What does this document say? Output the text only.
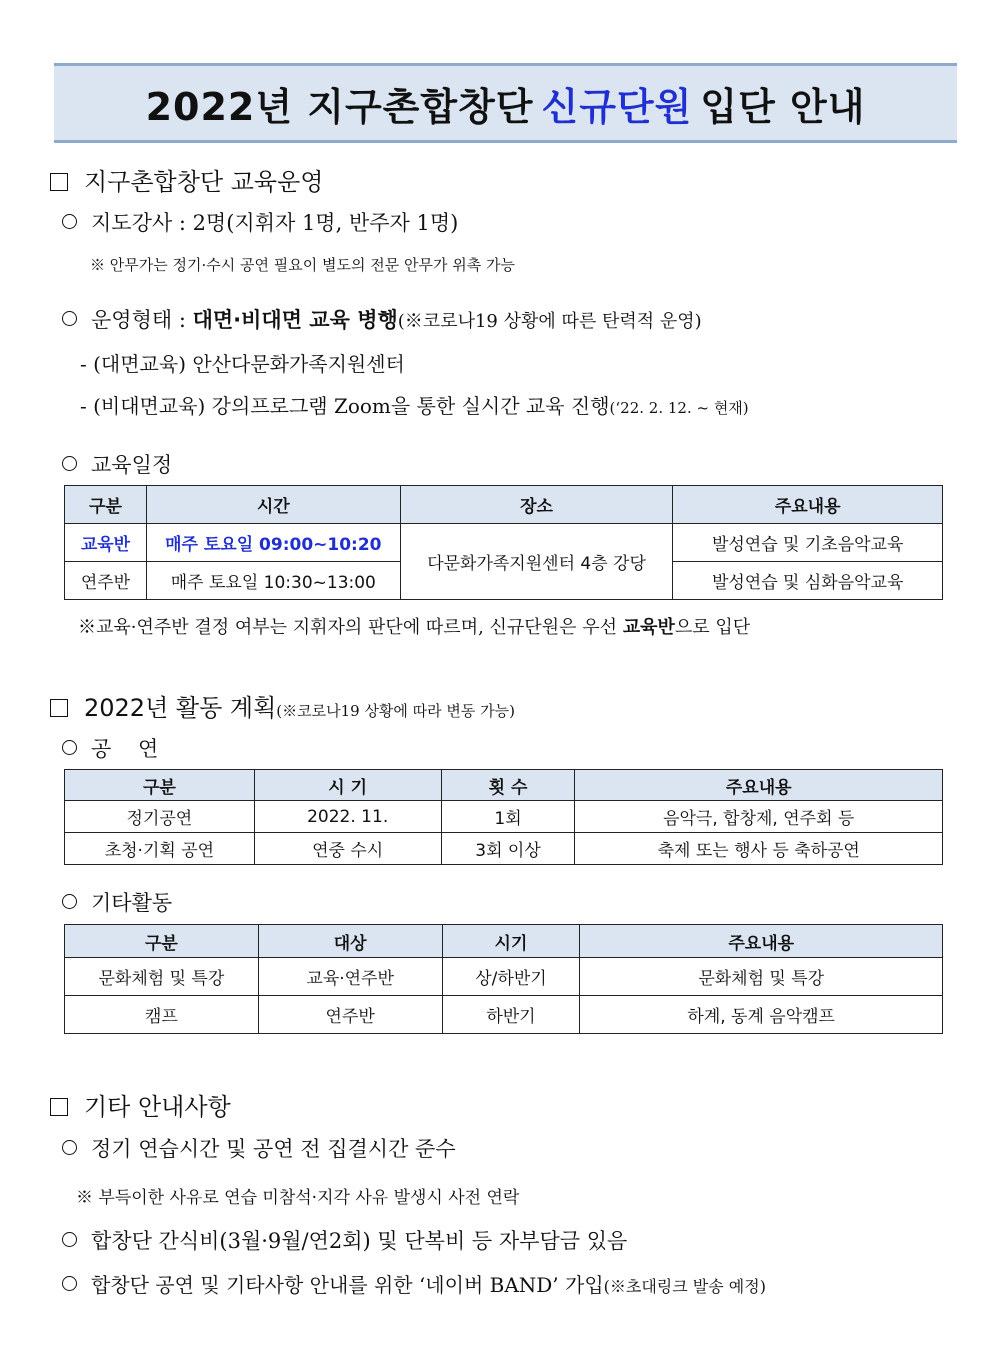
2022년 지구촌합창단 신규단원 입단 안내
지구촌합창단 교육운영
지도강사 : 2명(지휘자 1명, 반주자 1명)
※ 안무가는 정기·수시 공연 필요이 별도의 전문 안무가 위촉 가능
운영형태 : 대면·비대면 교육 병행(※코로나19 상황에 따른 탄력적 운영)
- (대면교육) 안산다문화가족지원센터
- (비대면교육) 강의프로그램 Zoom을 통한 실시간 교육 진행(‘22. 2. 12. ~ 현재)
교육일정
구분	시간	장소	주요내용
교육반	매주 토요일 09:00~10:20	다문화가족지원센터 4층 강당	발성연습 및 기초음악교육
연주반	매주 토요일 10:30~13:00		발성연습 및 심화음악교육
※교육·연주반 결정 여부는 지휘자의 판단에 따르며, 신규단원은 우선 교육반으로 입단
2022년 활동 계획(※코로나19 상황에 따라 변동 가능)
공    연
구분	시 기	횟 수	주요내용
정기공연	2022. 11.	1회	음악극, 합창제, 연주회 등
초청·기획 공연	연중 수시	3회 이상	축제 또는 행사 등 축하공연
기타활동
구분	대상	시기	주요내용
문화체험 및 특강	교육·연주반	상/하반기	문화체험 및 특강
캠프	연주반	하반기	하계, 동계 음악캠프
기타 안내사항
정기 연습시간 및 공연 전 집결시간 준수
※ 부득이한 사유로 연습 미참석·지각 사유 발생시 사전 연락
합창단 간식비(3월·9월/연2회) 및 단복비 등 자부담금 있음
합창단 공연 및 기타사항 안내를 위한 ‘네이버 BAND’ 가입(※초대링크 발송 예정)
